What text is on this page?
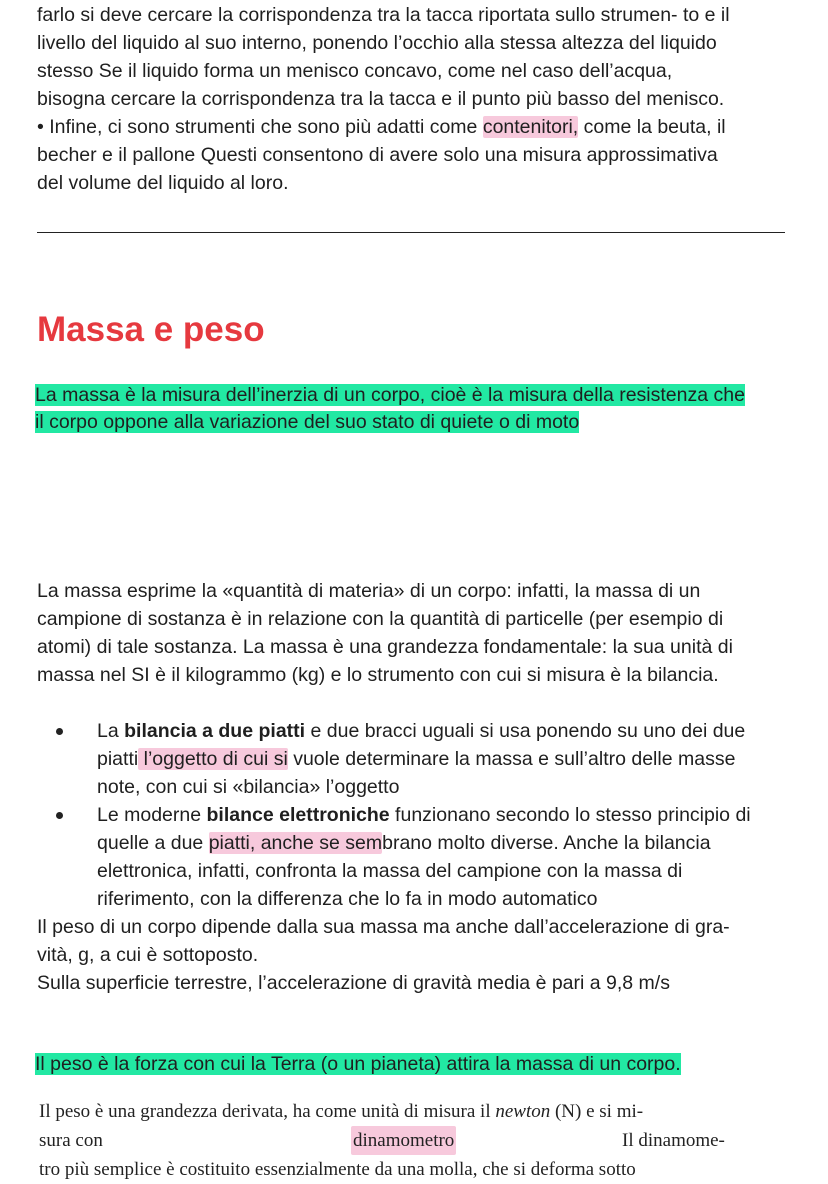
farlo si deve cercare la corrispondenza tra la tacca riportata sullo strumen- to e il

livello del liquido al suo interno, ponendo l’occhio alla stessa altezza del liquido

stesso Se il liquido forma un menisco concavo, come nel caso dell’acqua,

bisogna cercare la corrispondenza tra la tacca e il punto più basso del menisco.

• Infine, ci sono strumenti che sono più adatti come contenitori, come la beuta, il

becher e il pallone Questi consentono di avere solo una misura approssimativa

del volume del liquido al loro.

Massa e peso

La massa è la misura dell’inerzia di un corpo, cioè è la misura della resistenza che

il corpo oppone alla variazione del suo stato di quiete o di moto

La massa esprime la «quantità di materia» di un corpo: infatti, la massa di un

campione di sostanza è in relazione con la quantità di particelle (per esempio di

atomi) di tale sostanza. La massa è una grandezza fondamentale: la sua unità di

massa nel SI è il kilogrammo (kg) e lo strumento con cui si misura è la bilancia.

La bilancia a due piatti e due bracci uguali si usa ponendo su uno dei due
piatti l’oggetto di cui si vuole determinare la massa e sull’altro delle masse
note, con cui si «bilancia» l’oggetto
Le moderne bilance elettroniche funzionano secondo lo stesso principio di
quelle a due piatti, anche se sembrano molto diverse. Anche la bilancia
elettronica, infatti, confronta la massa del campione con la massa di
riferimento, con la differenza che lo fa in modo automatico

Il peso di un corpo dipende dalla sua massa ma anche dall’accelerazione di gra-

vità, g, a cui è sottoposto.

Sulla superficie terrestre, l’accelerazione di gravità media è pari a 9,8 m/s

Il peso è la forza con cui la Terra (o un pianeta) attira la massa di un corpo.

Il peso è una grandezza derivata, ha come unità di misura il newton (N) e si mi-

sura con	dinamometro	Il dinamome-

tro più semplice è costituito essenzialmente da una molla, che si deforma sotto
